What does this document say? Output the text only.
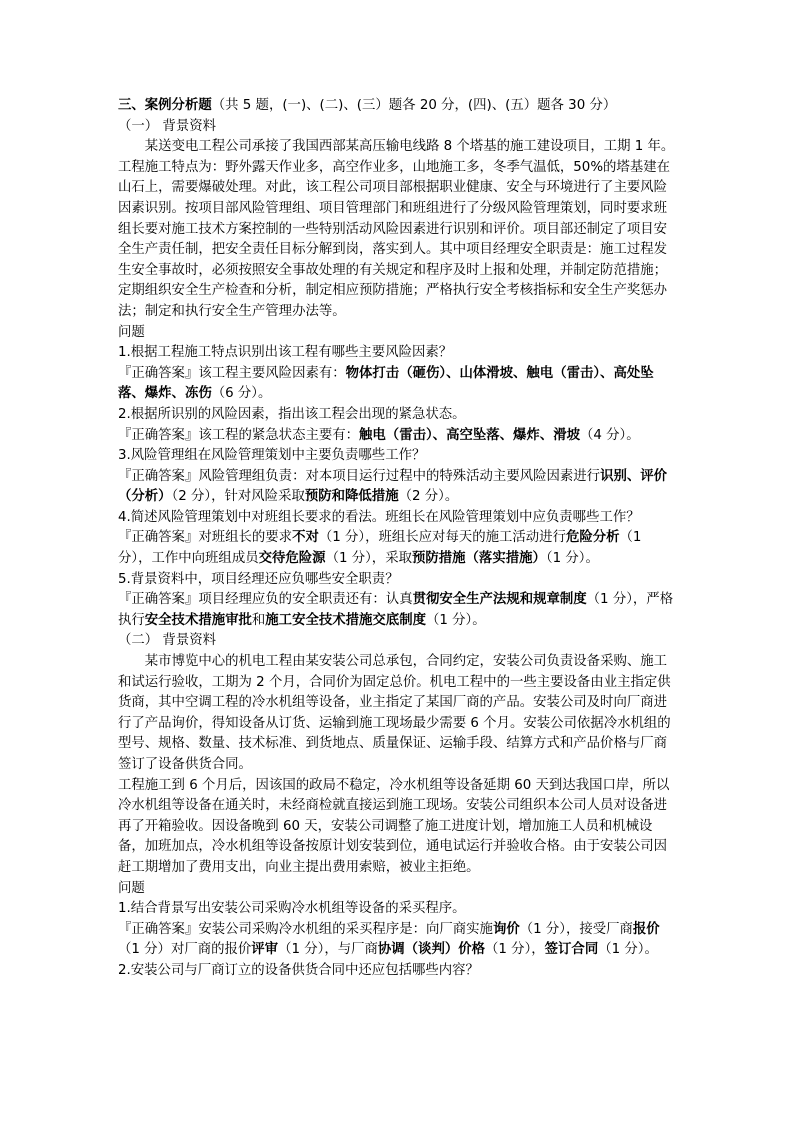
三、案例分析题（共 5 题，(一)、(二)、(三）题各 20 分，(四)、(五）题各 30 分）

（一） 背景资料

某送变电工程公司承接了我国西部某高压输电线路 8 个塔基的施工建设项目，工期 1 年。工程施工特点为：野外露天作业多，高空作业多，山地施工多，冬季气温低，50%的塔基建在山石上，需要爆破处理。对此，该工程公司项目部根据职业健康、安全与环境进行了主要风险因素识别。按项目部风险管理组、项目管理部门和班组进行了分级风险管理策划，同时要求班组长要对施工技术方案控制的一些特别活动风险因素进行识别和评价。项目部还制定了项目安全生产责任制，把安全责任目标分解到岗，落实到人。其中项目经理安全职责是：施工过程发生安全事故时，必须按照安全事故处理的有关规定和程序及时上报和处理，并制定防范措施；定期组织安全生产检查和分析，制定相应预防措施；严格执行安全考核指标和安全生产奖惩办法；制定和执行安全生产管理办法等。

问题

1.根据工程施工特点识别出该工程有哪些主要风险因素？

『正确答案』该工程主要风险因素有：物体打击（砸伤）、山体滑坡、触电（雷击）、高处坠落、爆炸、冻伤（6 分）。

2.根据所识别的风险因素，指出该工程会出现的紧急状态。

『正确答案』该工程的紧急状态主要有：触电（雷击）、高空坠落、爆炸、滑坡（4 分）。

3.风险管理组在风险管理策划中主要负责哪些工作？

『正确答案』风险管理组负责：对本项目运行过程中的特殊活动主要风险因素进行识别、评价（分析）（2 分），针对风险采取预防和降低措施（2 分）。

4.简述风险管理策划中对班组长要求的看法。班组长在风险管理策划中应负责哪些工作？

『正确答案』对班组长的要求不对（1 分），班组长应对每天的施工活动进行危险分析（1 分），工作中向班组成员交待危险源（1 分），采取预防措施（落实措施）（1 分）。

5.背景资料中，项目经理还应负哪些安全职责？

『正确答案』项目经理应负的安全职责还有：认真贯彻安全生产法规和规章制度（1 分），严格执行安全技术措施审批和施工安全技术措施交底制度（1 分）。

（二） 背景资料

某市博览中心的机电工程由某安装公司总承包，合同约定，安装公司负责设备采购、施工和试运行验收，工期为 2 个月，合同价为固定总价。机电工程中的一些主要设备由业主指定供货商，其中空调工程的冷水机组等设备，业主指定了某国厂商的产品。安装公司及时向厂商进行了产品询价，得知设备从订货、运输到施工现场最少需要 6 个月。安装公司依据冷水机组的型号、规格、数量、技术标准、到货地点、质量保证、运输手段、结算方式和产品价格与厂商签订了设备供货合同。

工程施工到 6 个月后，因该国的政局不稳定，冷水机组等设备延期 60 天到达我国口岸，所以冷水机组等设备在通关时，未经商检就直接运到施工现场。安装公司组织本公司人员对设备进再了开箱验收。因设备晚到 60 天，安装公司调整了施工进度计划，增加施工人员和机械设备，加班加点，冷水机组等设备按原计划安装到位，通电试运行并验收合格。由于安装公司因赶工期增加了费用支出，向业主提出费用索赔，被业主拒绝。

问题

1.结合背景写出安装公司采购冷水机组等设备的采买程序。

『正确答案』安装公司采购冷水机组的采买程序是：向厂商实施询价（1 分），接受厂商报价（1 分）对厂商的报价评审（1 分），与厂商协调（谈判）价格（1 分），签订合同（1 分）。

2.安装公司与厂商订立的设备供货合同中还应包括哪些内容？
